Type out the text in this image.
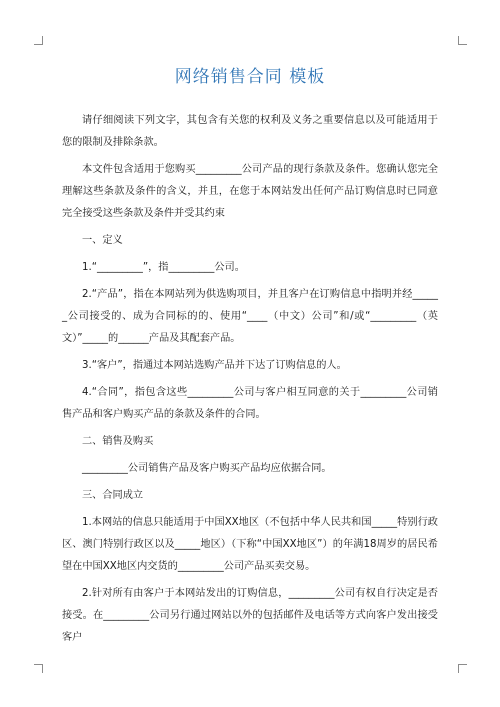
网络销售合同 模板

请仔细阅读下列文字，其包含有关您的权利及义务之重要信息以及可能适用于您的限制及排除条款。

本文件包含适用于您购买_________公司产品的现行条款及条件。您确认您完全理解这些条款及条件的含义，并且，在您于本网站发出任何产品订购信息时已同意完全接受这些条款及条件并受其约束

一、定义

1.“_________”，指_________公司。

2.“产品”，指在本网站列为供选购项目，并且客户在订购信息中指明并经______公司接受的、成为合同标的的、使用“____（中文）公司”和/或“_________（英文）”_____的______产品及其配套产品。

3.“客户”，指通过本网站选购产品并下达了订购信息的人。

4.“合同”，指包含这些_________公司与客户相互同意的关于_________公司销售产品和客户购买产品的条款及条件的合同。

二、销售及购买

_________公司销售产品及客户购买产品均应依据合同。

三、合同成立

1.本网站的信息只能适用于中国XX地区（不包括中华人民共和国_____特别行政区、澳门特别行政区以及_____地区）（下称“中国XX地区”）的年满18周岁的居民希望在中国XX地区内交货的_________公司产品买卖交易。

2.针对所有由客户于本网站发出的订购信息，_________公司有权自行决定是否接受。在_________公司另行通过网站以外的包括邮件及电话等方式向客户发出接受客户
